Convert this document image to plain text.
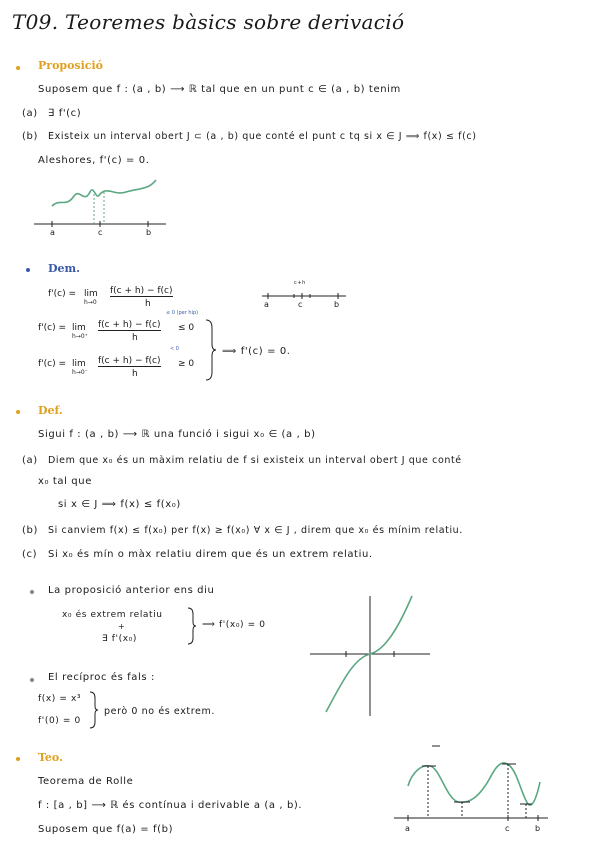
T09. Teoremes bàsics sobre derivació
Proposició
Suposem que f : (a , b) ⟶ ℝ tal que en un punt c ∈ (a , b) tenim
(a) ∃ f'(c)
(b) Existeix un interval obert J ⊂ (a , b) que conté el punt c tq si x ∈ J ⟹ f(x) ≤ f(c)
Aleshores, f'(c) = 0.
a	c	b
Dem.
f'(c) = lim
h→0
f(c + h) − f(c)
h	a	c	b
c+h
f'(c) = lim
h→0⁺
f(c + h) − f(c)
h
≤ 0
≤ 0 (per hip)
f'(c) = lim
h→0⁻
f(c + h) − f(c)
h
≥ 0
< 0	⟹ f'(c) = 0.
Def.
Sigui f : (a , b) ⟶ ℝ una funció i sigui x₀ ∈ (a , b)
(a) Diem que x₀ és un màxim relatiu de f si existeix un interval obert J que conté
x₀ tal que
si x ∈ J ⟹ f(x) ≤ f(x₀)
(b) Si canviem f(x) ≤ f(x₀) per f(x) ≥ f(x₀) ∀ x ∈ J , direm que x₀ és mínim relatiu.
(c) Si x₀ és mín o màx relatiu direm que és un extrem relatiu.
La proposició anterior ens diu
x₀ és extrem relatiu
+
∃ f'(x₀)
⟹ f'(x₀) = 0
El recíproc és fals :
f(x) = x³
f'(0) = 0
però 0 no és extrem.
Teo.
Teorema de Rolle
f : [a , b] ⟶ ℝ és contínua i derivable a (a , b).
Suposem que f(a) = f(b)	a	c	b
